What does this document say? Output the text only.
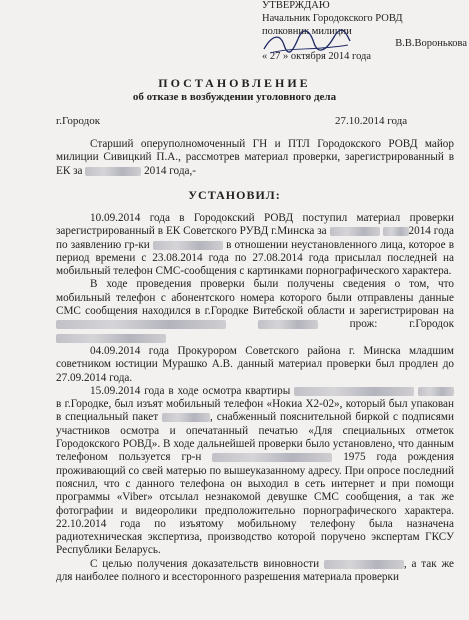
УТВЕРЖДАЮ
Начальник Городокского РОВД
полковник милиции
В.В.Воронькова
« 27 » октября 2014 года
ПОСТАНОВЛЕНИЕ
об отказе в возбуждении уголовного дела
г.Городок	27.10.2014 года

Старший оперуполномоченный ГН и ПТЛ Городокского РОВД майор милиции Сивицкий П.А., рассмотрев материал проверки, зарегистрированный в ЕК за	2014 года,-

УСТАНОВИЛ:

10.09.2014 года в Городокский РОВД поступил материал проверки зарегистрированный в ЕК Советского РУВД г.Минска за	2014 года по заявлению гр-ки	в отношении неустановленного лица, которое в период времени с 23.08.2014 года по 27.08.2014 года присылал последней на мобильный телефон СМС-сообщения с картинками порнографического характера.

В ходе проведения проверки были получены сведения о том, что мобильный телефон с абонентского номера которого были отправлены данные СМС сообщения находился в г.Городке Витебской области и зарегистрирован на   прож: г.Городок

04.09.2014 года Прокурором Советского района г. Минска младшим советником юстиции Мурашко А.В. данный материал проверки был продлен до 27.09.2014 года.

15.09.2014 года в ходе осмотра квартиры   в г.Городке, был изъят мобильный телефон «Нокиа Х2-02», который был упакован в специальный пакет	, снабженный пояснительной биркой с подписями участников осмотра и опечатанный печатью «Для специальных отметок Городокского РОВД». В ходе дальнейшей проверки было установлено, что данным телефоном пользуется гр-н	1975 года рождения проживающий со свей матерью по вышеуказанному адресу. При опросе последний пояснил, что с данного телефона он выходил в сеть интернет и при помощи программы «Viber» отсылал незнакомой девушке СМС сообщения, а так же фотографии и видеоролики предположительно порнографического характера. 22.10.2014 года по изъятому мобильному телефону была назначена радиотехническая экспертиза, производство которой поручено экспертам ГКСУ Республики Беларусь.

С целью получения доказательств виновности	, а так же для наиболее полного и всесторонного разрешения материала проверки
